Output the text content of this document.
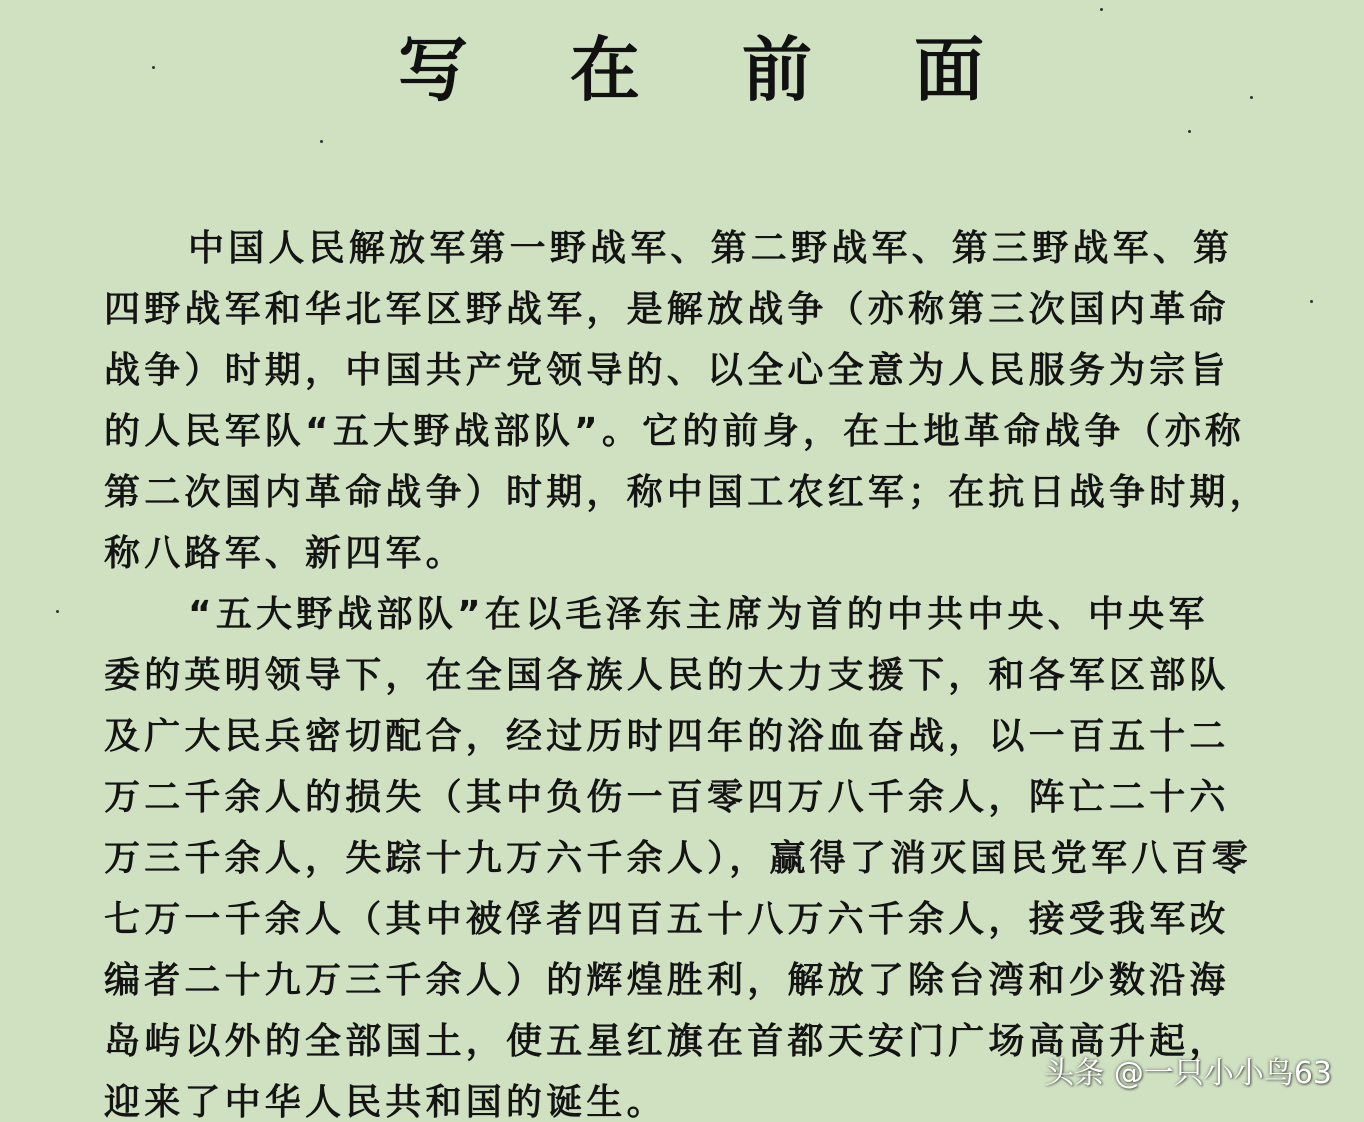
写 在 前 面
中国人民解放军第一野战军、第二野战军、第三野战军、第
四野战军和华北军区野战军，是解放战争（亦称第三次国内革命
战争）时期，中国共产党领导的、以全心全意为人民服务为宗旨
的人民军队“五大野战部队”。它的前身，在土地革命战争（亦称
第二次国内革命战争）时期，称中国工农红军；在抗日战争时期，
称八路军、新四军。
“五大野战部队”在以毛泽东主席为首的中共中央、中央军
委的英明领导下，在全国各族人民的大力支援下，和各军区部队
及广大民兵密切配合，经过历时四年的浴血奋战，以一百五十二
万二千余人的损失（其中负伤一百零四万八千余人，阵亡二十六
万三千余人，失踪十九万六千余人），赢得了消灭国民党军八百零
七万一千余人（其中被俘者四百五十八万六千余人，接受我军改
编者二十九万三千余人）的辉煌胜利，解放了除台湾和少数沿海
岛屿以外的全部国土，使五星红旗在首都天安门广场高高升起，
迎来了中华人民共和国的诞生。
头条 @一只小小鸟63
